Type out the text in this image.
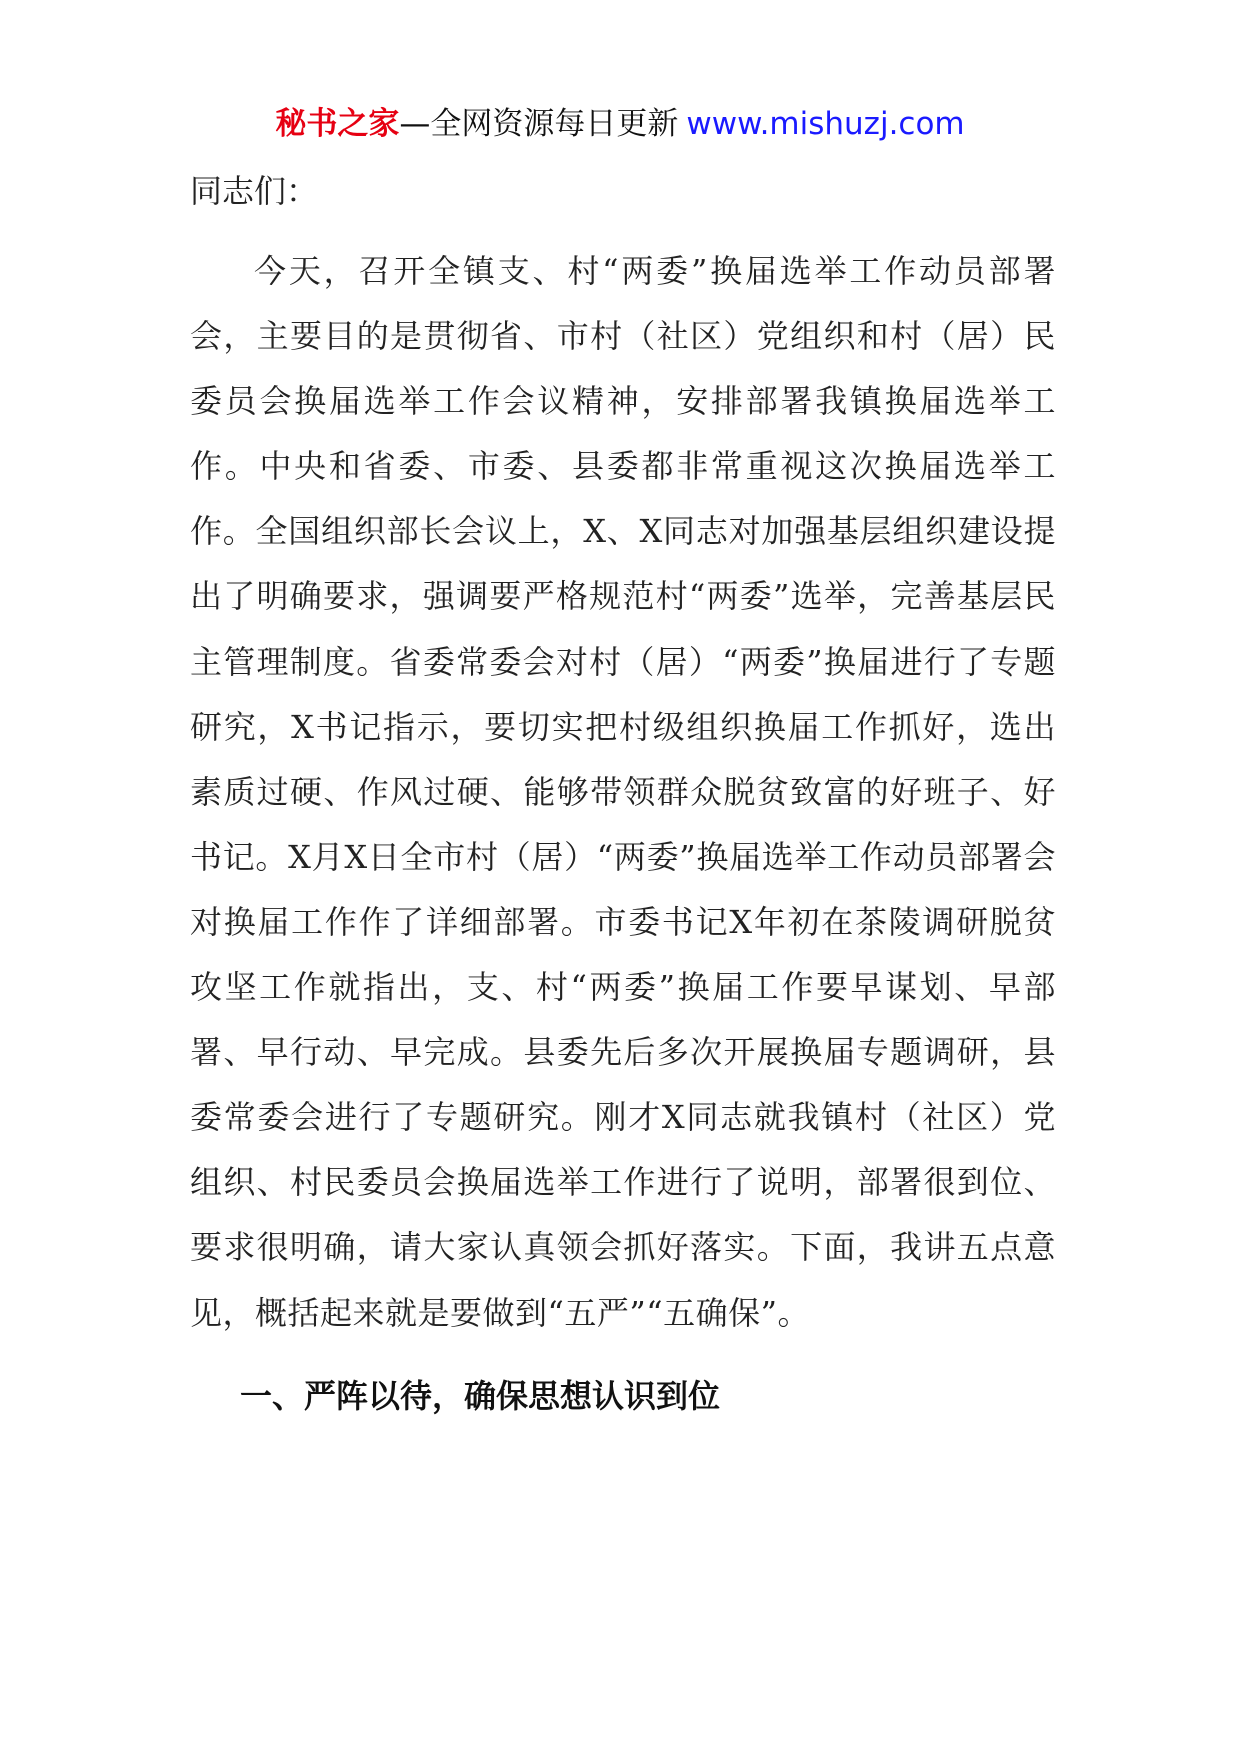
秘书之家—全网资源每日更新 www.mishuzj.com

同志们：

今天，召开全镇支、村“两委”换届选举工作动员部署会，主要目的是贯彻省、市村（社区）党组织和村（居）民委员会换届选举工作会议精神，安排部署我镇换届选举工作。中央和省委、市委、县委都非常重视这次换届选举工作。全国组织部长会议上，X、X同志对加强基层组织建设提出了明确要求，强调要严格规范村“两委”选举，完善基层民主管理制度。省委常委会对村（居）“两委”换届进行了专题研究，X书记指示，要切实把村级组织换届工作抓好，选出素质过硬、作风过硬、能够带领群众脱贫致富的好班子、好书记。X月X日全市村（居）“两委”换届选举工作动员部署会对换届工作作了详细部署。市委书记X年初在茶陵调研脱贫攻坚工作就指出，支、村“两委”换届工作要早谋划、早部署、早行动、早完成。县委先后多次开展换届专题调研，县委常委会进行了专题研究。刚才X同志就我镇村（社区）党组织、村民委员会换届选举工作进行了说明，部署很到位、要求很明确，请大家认真领会抓好落实。下面，我讲五点意见，概括起来就是要做到“五严”“五确保”。

一、严阵以待，确保思想认识到位
